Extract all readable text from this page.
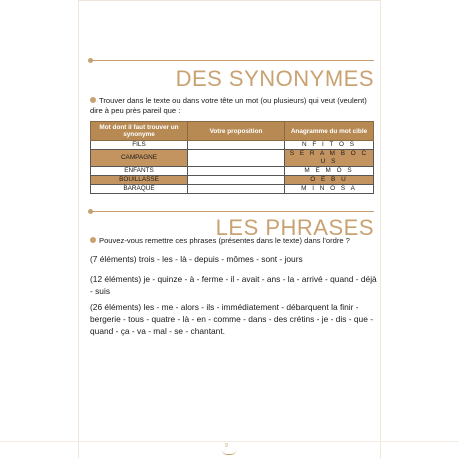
DES SYNONYMES
Trouver dans le texte ou dans votre tête un mot (ou plusieurs) qui veut (veulent) dire à peu près pareil que :
Mot dont il faut trouver un synonyme	Votre proposition	Anagramme du mot cible
FILS		N F I T O S
CAMPAGNE		S E R A M B O C U S
ENFANTS		M E M Ô S
BOUILLASSE		O E B U
BARAQUE		M I N O S A
LES PHRASES
Pouvez-vous remettre ces phrases (présentes dans le texte) dans l'ordre ?
(7 éléments) trois - les - là - depuis - mômes - sont - jours
(12 éléments) je - quinze - à - ferme - il - avait - ans - la - arrivé - quand - déjà - suis
(26 éléments) les - me - alors - ils - immédiatement - débarquent la finir - bergerie - tous - quatre - là - en - comme - dans - des crétins - je - dis - que - quand - ça - va - mal - se - chantant.
9
